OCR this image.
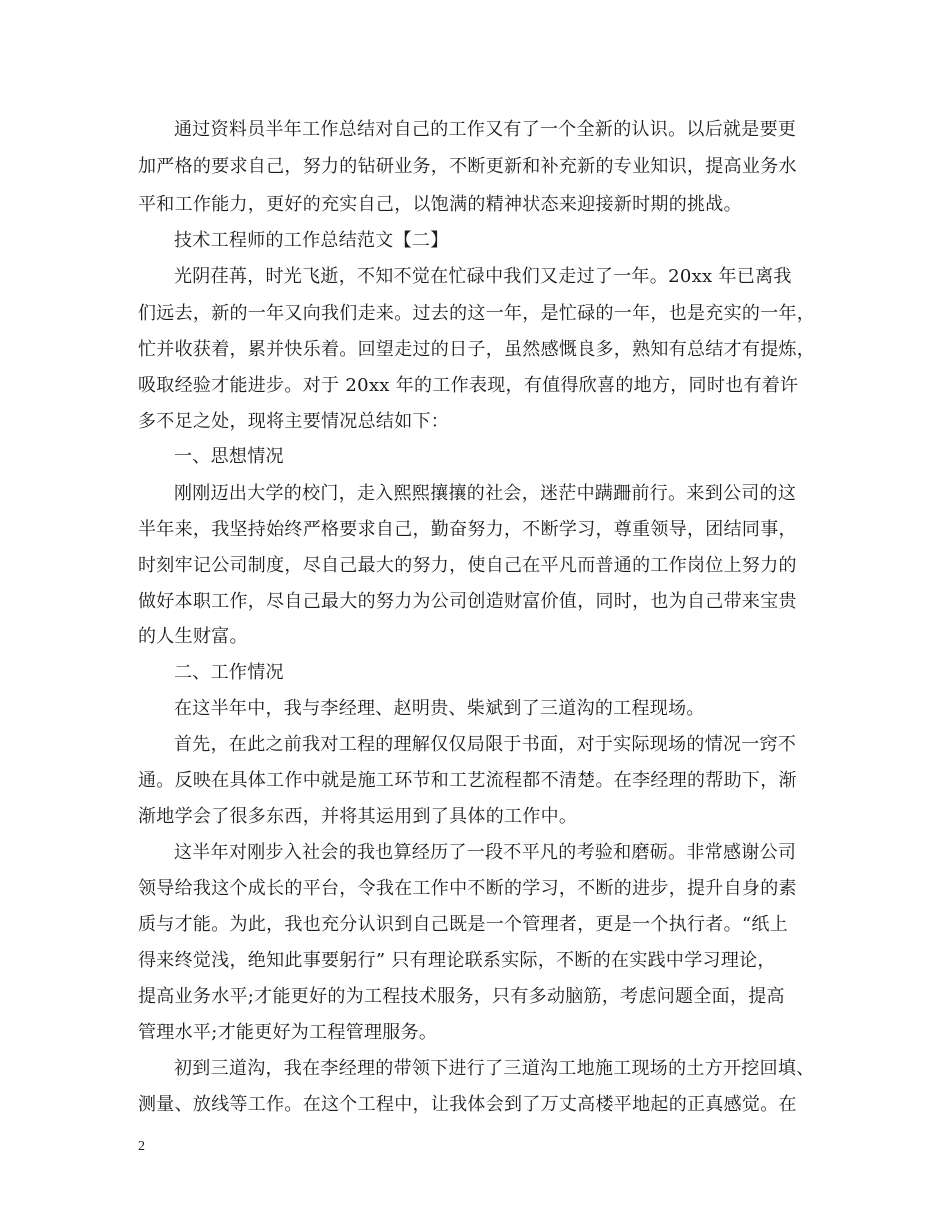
通过资料员半年工作总结对自己的工作又有了一个全新的认识。以后就是要更
加严格的要求自己，努力的钻研业务，不断更新和补充新的专业知识，提高业务水
平和工作能力，更好的充实自己，以饱满的精神状态来迎接新时期的挑战。
技术工程师的工作总结范文【二】
光阴荏苒，时光飞逝，不知不觉在忙碌中我们又走过了一年。20xx 年已离我
们远去，新的一年又向我们走来。过去的这一年，是忙碌的一年，也是充实的一年，
忙并收获着，累并快乐着。回望走过的日子，虽然感慨良多，熟知有总结才有提炼，
吸取经验才能进步。对于 20xx 年的工作表现，有值得欣喜的地方，同时也有着许
多不足之处，现将主要情况总结如下：
一、思想情况
刚刚迈出大学的校门，走入熙熙攘攘的社会，迷茫中蹒跚前行。来到公司的这
半年来，我坚持始终严格要求自己，勤奋努力，不断学习，尊重领导，团结同事，
时刻牢记公司制度，尽自己最大的努力，使自己在平凡而普通的工作岗位上努力的
做好本职工作，尽自己最大的努力为公司创造财富价值，同时，也为自己带来宝贵
的人生财富。
二、工作情况
在这半年中，我与李经理、赵明贵、柴斌到了三道沟的工程现场。
首先，在此之前我对工程的理解仅仅局限于书面，对于实际现场的情况一窍不
通。反映在具体工作中就是施工环节和工艺流程都不清楚。在李经理的帮助下，渐
渐地学会了很多东西，并将其运用到了具体的工作中。
这半年对刚步入社会的我也算经历了一段不平凡的考验和磨砺。非常感谢公司
领导给我这个成长的平台，令我在工作中不断的学习，不断的进步，提升自身的素
质与才能。为此，我也充分认识到自己既是一个管理者，更是一个执行者。“纸上
得来终觉浅，绝知此事要躬行” 只有理论联系实际，不断的在实践中学习理论，
提高业务水平;才能更好的为工程技术服务，只有多动脑筋，考虑问题全面，提高
管理水平;才能更好为工程管理服务。
初到三道沟，我在李经理的带领下进行了三道沟工地施工现场的土方开挖回填、
测量、放线等工作。在这个工程中，让我体会到了万丈高楼平地起的正真感觉。在
2
